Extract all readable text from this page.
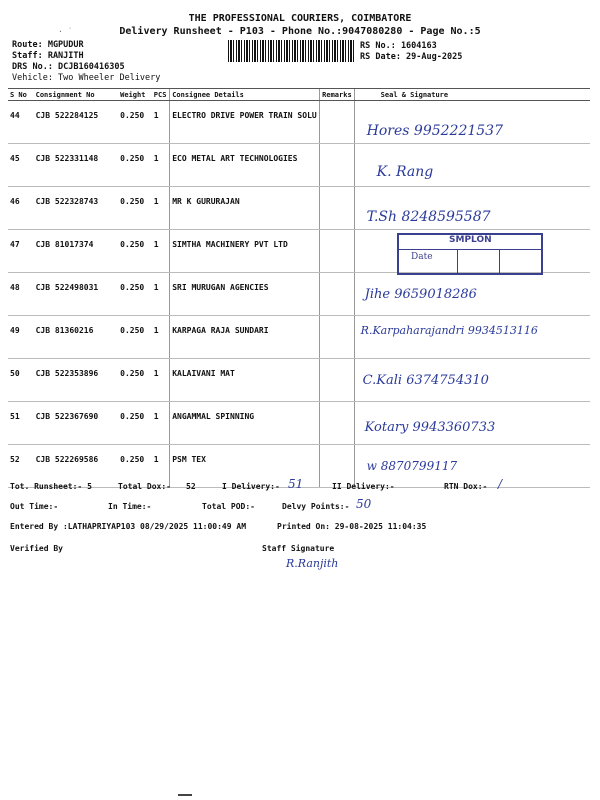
· ˙
THE PROFESSIONAL COURIERS, COIMBATORE
Delivery Runsheet - P103 - Phone No.:9047080280 - Page No.:5
Route: MGPUDUR
Staff: RANJITH
DRS No.: DCJB160416305
Vehicle: Two Wheeler Delivery
RS No.: 1604163
RS Date: 29-Aug-2025
S No	Consignment No	Weight	PCS	Consignee Details	Remarks	Seal & Signature
44	CJB 522284125	0.250	1	ELECTRO DRIVE POWER TRAIN SOLU		Hores 9952221537
45	CJB 522331148	0.250	1	ECO METAL ART TECHNOLOGIES		K. Rang
46	CJB 522328743	0.250	1	MR K GURURAJAN		T.Sh 8248595587
47	CJB 81017374	0.250	1	SIMTHA MACHINERY PVT LTD		
48	CJB 522498031	0.250	1	SRI MURUGAN AGENCIES		Jihe 9659018286
49	CJB 81360216	0.250	1	KARPAGA RAJA SUNDARI		R.Karpaharajandri 9934513116
50	CJB 522353896	0.250	1	KALAIVANI MAT		C.Kali 6374754310
51	CJB 522367690	0.250	1	ANGAMMAL SPINNING		Kotary 9943360733
52	CJB 522269586	0.250	1	PSM TEX		w 8870799117
SMPLON
Date
Tot. Runsheet:- 5	Total Dox:- 52	I Delivery:- 51	II Delivery:-	RTN Dox:- /
Out Time:-	In Time:-	Total POD:-	Delvy Points:- 50
Entered By :LATHAPRIYAP103 08/29/2025 11:00:49 AM	Printed On: 29-08-2025 11:04:35
Verified By	Staff Signature
R.Ranjith
